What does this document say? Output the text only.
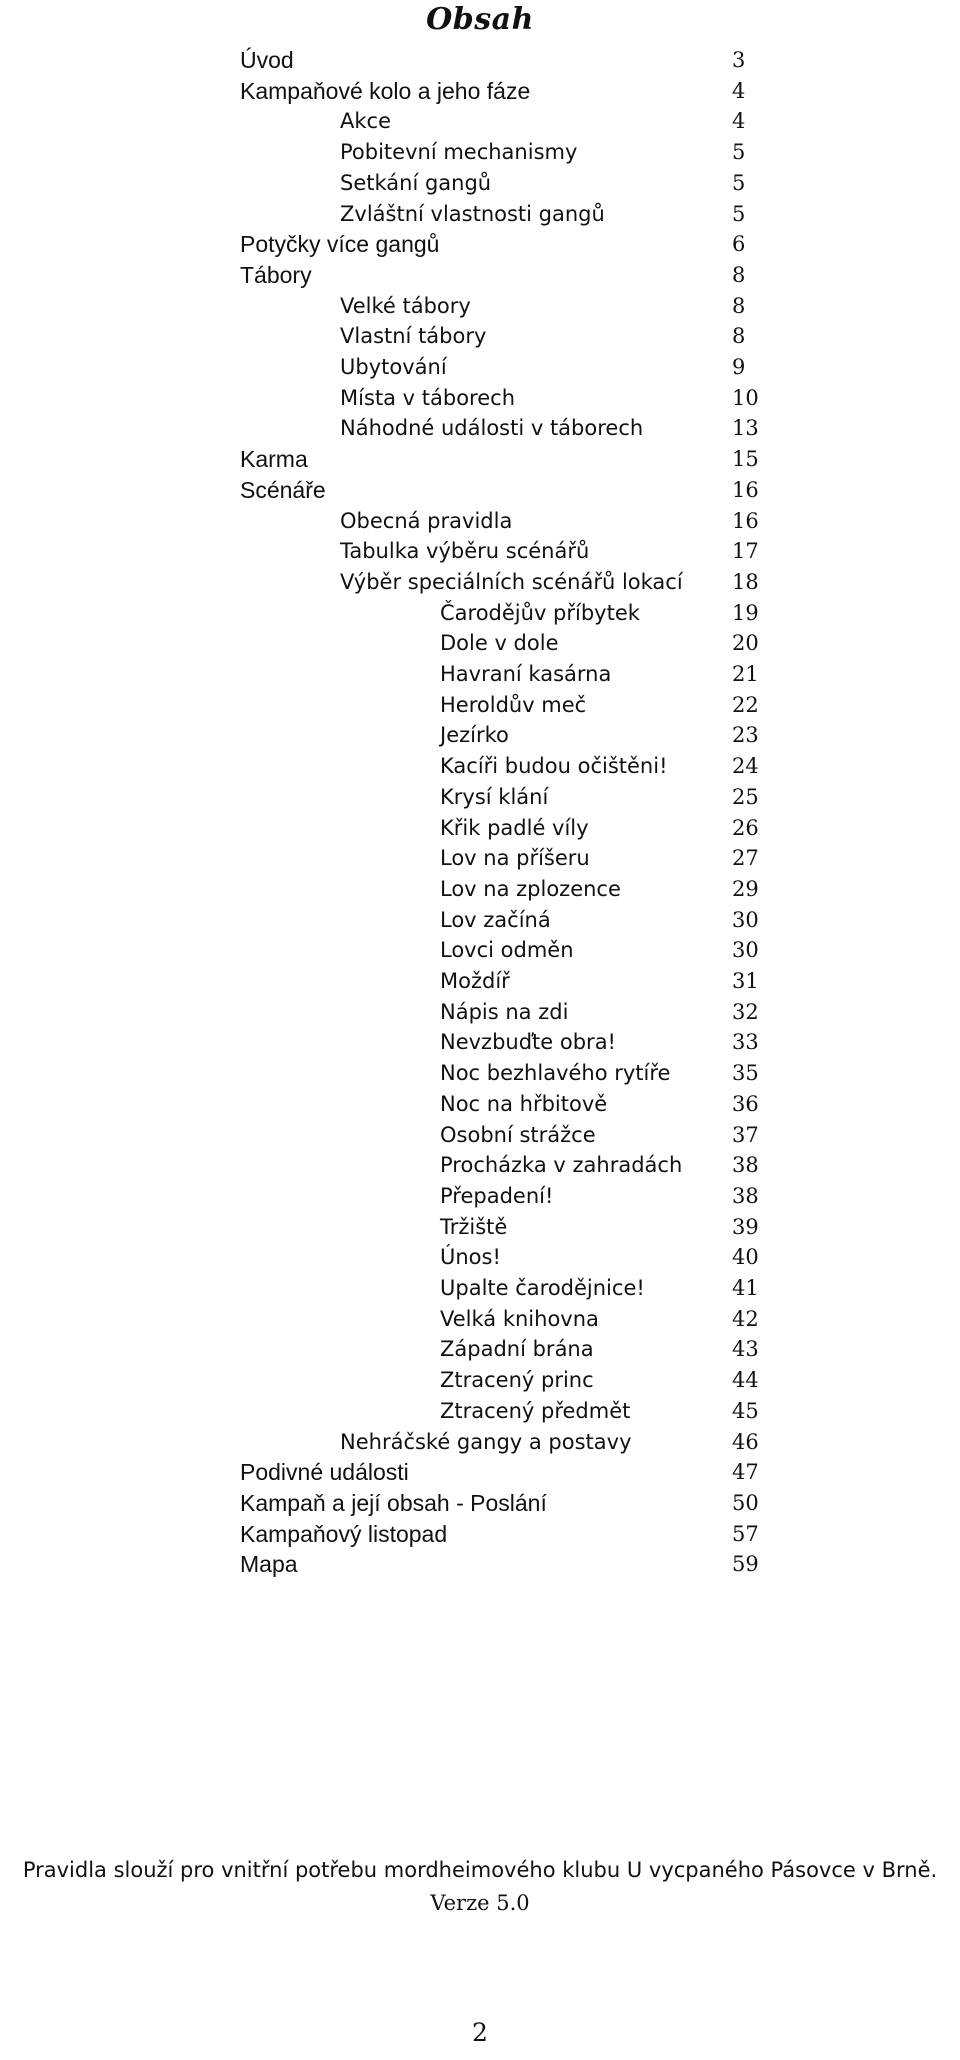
Obsah
Úvod	3
Kampaňové kolo a jeho fáze	4
Akce	4
Pobitevní mechanismy	5
Setkání gangů	5
Zvláštní vlastnosti gangů	5
Potyčky více gangů	6
Tábory	8
Velké tábory	8
Vlastní tábory	8
Ubytování	9
Místa v táborech	10
Náhodné události v táborech	13
Karma	15
Scénáře	16
Obecná pravidla	16
Tabulka výběru scénářů	17
Výběr speciálních scénářů lokací 18
Čarodějův příbytek	19
Dole v dole	20
Havraní kasárna	21
Heroldův meč	22
Jezírko	23
Kacíři budou očištěni!	24
Krysí klání	25
Křik padlé víly	26
Lov na příšeru	27
Lov na zplozence	29
Lov začíná	30
Lovci odměn	30
Moždíř	31
Nápis na zdi	32
Nevzbuďte obra!	33
Noc bezhlavého rytíře	35
Noc na hřbitově	36
Osobní strážce	37
Procházka v zahradách 38
Přepadení!	38
Tržiště	39
Únos!	40
Upalte čarodějnice!	41
Velká knihovna	42
Západní brána	43
Ztracený princ	44
Ztracený předmět	45
Nehráčské gangy a postavy	46
Podivné události	47
Kampaň a její obsah - Poslání	50
Kampaňový listopad	57
Mapa	59
Pravidla slouží pro vnitřní potřebu mordheimového klubu U vycpaného Pásovce v Brně.
Verze 5.0
2
